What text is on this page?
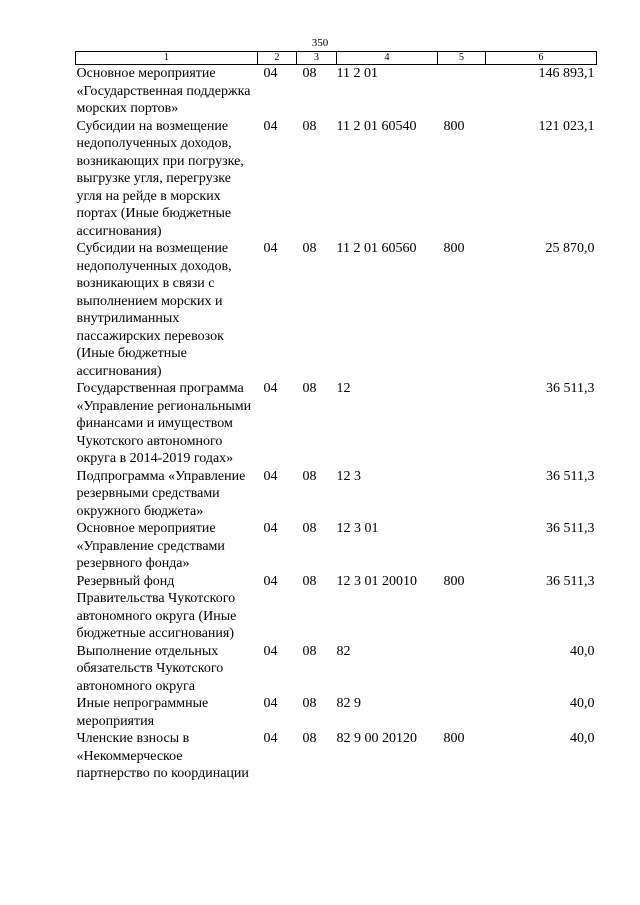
350
1	2	3	4	5	6
Основное мероприятие «Государственная поддержка морских портов»	04	08	11 2 01		146 893,1
Субсидии на возмещение недополученных доходов, возникающих при погрузке, выгрузке угля, перегрузке угля на рейде в морских портах (Иные бюджетные ассигнования)	04	08	11 2 01 60540	800	121 023,1
Субсидии на возмещение недополученных доходов, возникающих в связи с выполнением морских и внутрилиманных пассажирских перевозок (Иные бюджетные ассигнования)	04	08	11 2 01 60560	800	25 870,0
Государственная программа «Управление региональными финансами и имуществом Чукотского автономного округа в 2014-2019 годах»	04	08	12		36 511,3
Подпрограмма «Управление резервными средствами окружного бюджета»	04	08	12 3		36 511,3
Основное мероприятие «Управление средствами резервного фонда»	04	08	12 3 01		36 511,3
Резервный фонд Правительства Чукотского автономного округа (Иные бюджетные ассигнования)	04	08	12 3 01 20010	800	36 511,3
Выполнение отдельных обязательств Чукотского автономного округа	04	08	82		40,0
Иные непрограммные мероприятия	04	08	82 9		40,0
Членские взносы в «Некоммерческое партнерство по координации	04	08	82 9 00 20120	800	40,0
